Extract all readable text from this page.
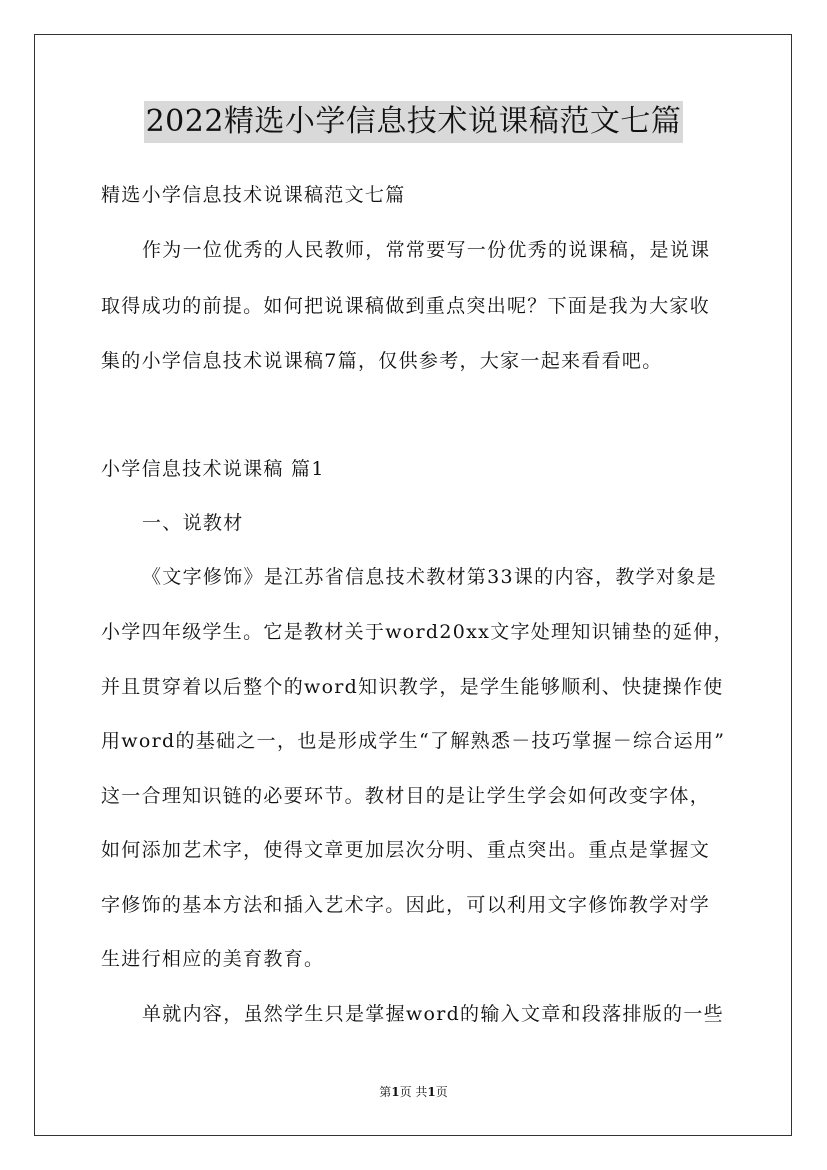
2022精选小学信息技术说课稿范文七篇
精选小学信息技术说课稿范文七篇
作为一位优秀的人民教师，常常要写一份优秀的说课稿，是说课
取得成功的前提。如何把说课稿做到重点突出呢？下面是我为大家收
集的小学信息技术说课稿7篇，仅供参考，大家一起来看看吧。
小学信息技术说课稿 篇1
一、说教材
《文字修饰》是江苏省信息技术教材第33课的内容，教学对象是
小学四年级学生。它是教材关于word20xx文字处理知识铺垫的延伸，
并且贯穿着以后整个的word知识教学，是学生能够顺利、快捷操作使
用word的基础之一，也是形成学生“了解熟悉－技巧掌握－综合运用”
这一合理知识链的必要环节。教材目的是让学生学会如何改变字体，
如何添加艺术字，使得文章更加层次分明、重点突出。重点是掌握文
字修饰的基本方法和插入艺术字。因此，可以利用文字修饰教学对学
生进行相应的美育教育。
单就内容，虽然学生只是掌握word的输入文章和段落排版的一些
第1页 共1页
